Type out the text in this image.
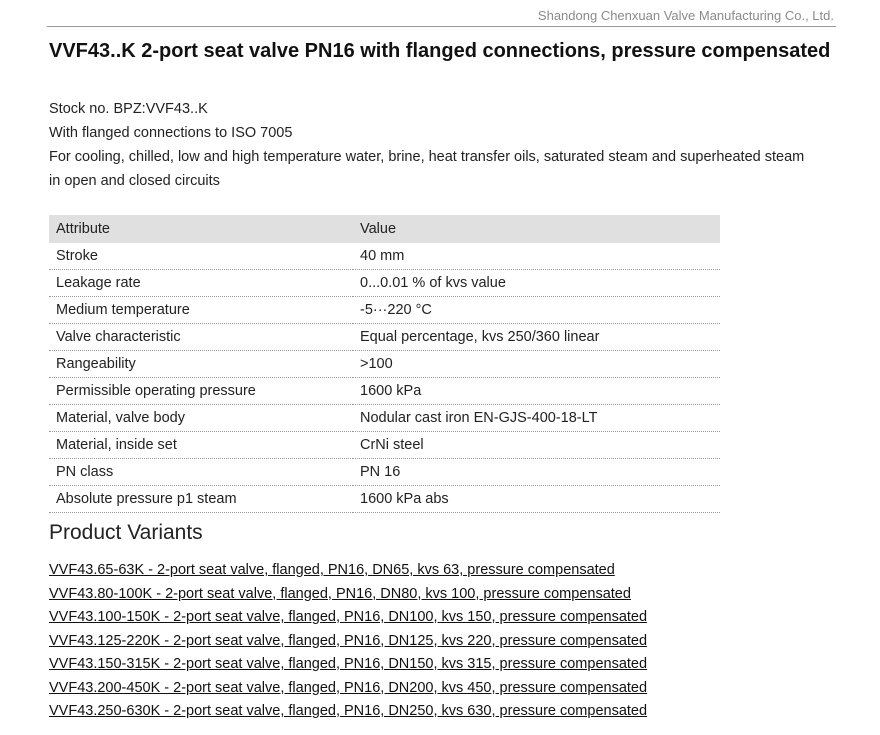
Shandong Chenxuan Valve Manufacturing Co., Ltd.
VVF43..K 2-port seat valve PN16 with flanged connections, pressure compensated
Stock no. BPZ:VVF43..K
With flanged connections to ISO 7005
For cooling, chilled, low and high temperature water, brine, heat transfer oils, saturated steam and superheated steam
in open and closed circuits
Attribute	Value
Stroke	40 mm
Leakage rate	0...0.01 % of kvs value
Medium temperature	-5···220 °C
Valve characteristic	Equal percentage, kvs 250/360 linear
Rangeability	>100
Permissible operating pressure	1600 kPa
Material, valve body	Nodular cast iron EN-GJS-400-18-LT
Material, inside set	CrNi steel
PN class	PN 16
Absolute pressure p1 steam	1600 kPa abs
Product Variants
VVF43.65-63K - 2-port seat valve, flanged, PN16, DN65, kvs 63, pressure compensated
VVF43.80-100K - 2-port seat valve, flanged, PN16, DN80, kvs 100, pressure compensated
VVF43.100-150K - 2-port seat valve, flanged, PN16, DN100, kvs 150, pressure compensated
VVF43.125-220K - 2-port seat valve, flanged, PN16, DN125, kvs 220, pressure compensated
VVF43.150-315K - 2-port seat valve, flanged, PN16, DN150, kvs 315, pressure compensated
VVF43.200-450K - 2-port seat valve, flanged, PN16, DN200, kvs 450, pressure compensated
VVF43.250-630K - 2-port seat valve, flanged, PN16, DN250, kvs 630, pressure compensated
